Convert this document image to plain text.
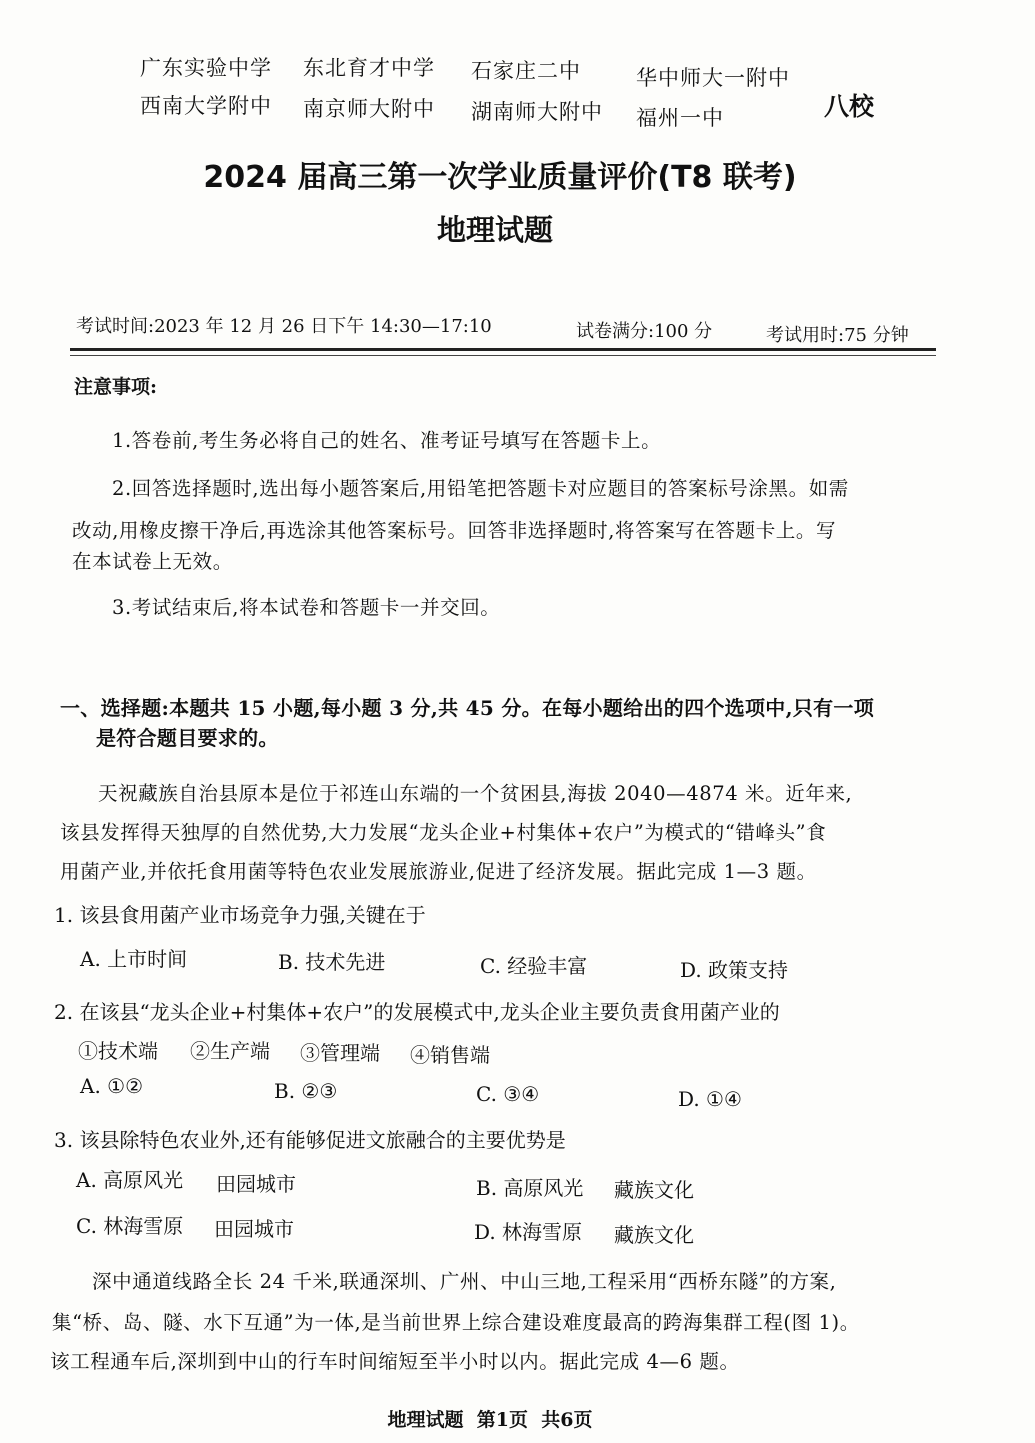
广东实验中学 东北育才中学 石家庄二中	华中师大一附中
西南大学附中 南京师大附中 湖南师大附中 福州一中	八校
2024 届高三第一次学业质量评价(T8 联考)
地理试题
考试时间:2023 年 12 月 26 日下午 14:30—17:10	试卷满分:100 分	考试用时:75 分钟
注意事项:
1.答卷前,考生务必将自己的姓名、准考证号填写在答题卡上。
2.回答选择题时,选出每小题答案后,用铅笔把答题卡对应题目的答案标号涂黑。如需
改动,用橡皮擦干净后,再选涂其他答案标号。回答非选择题时,将答案写在答题卡上。写
在本试卷上无效。
3.考试结束后,将本试卷和答题卡一并交回。
一、选择题:本题共 15 小题,每小题 3 分,共 45 分。在每小题给出的四个选项中,只有一项
是符合题目要求的。
天祝藏族自治县原本是位于祁连山东端的一个贫困县,海拔 2040—4874 米。近年来,
该县发挥得天独厚的自然优势,大力发展“龙头企业+村集体+农户”为模式的“错峰头”食
用菌产业,并依托食用菌等特色农业发展旅游业,促进了经济发展。据此完成 1—3 题。
1. 该县食用菌产业市场竞争力强,关键在于
A. 上市时间	B. 技术先进	C. 经验丰富	D. 政策支持
2. 在该县“龙头企业+村集体+农户”的发展模式中,龙头企业主要负责食用菌产业的
①技术端 ②生产端 ③管理端 ④销售端
A. ①②	B. ②③	C. ③④	D. ①④
3. 该县除特色农业外,还有能够促进文旅融合的主要优势是
A. 高原风光 田园城市	B. 高原风光 藏族文化
C. 林海雪原 田园城市	D. 林海雪原 藏族文化
深中通道线路全长 24 千米,联通深圳、广州、中山三地,工程采用“西桥东隧”的方案,
集“桥、岛、隧、水下互通”为一体,是当前世界上综合建设难度最高的跨海集群工程(图 1)。
该工程通车后,深圳到中山的行车时间缩短至半小时以内。据此完成 4—6 题。
地理试题  第1页  共6页
